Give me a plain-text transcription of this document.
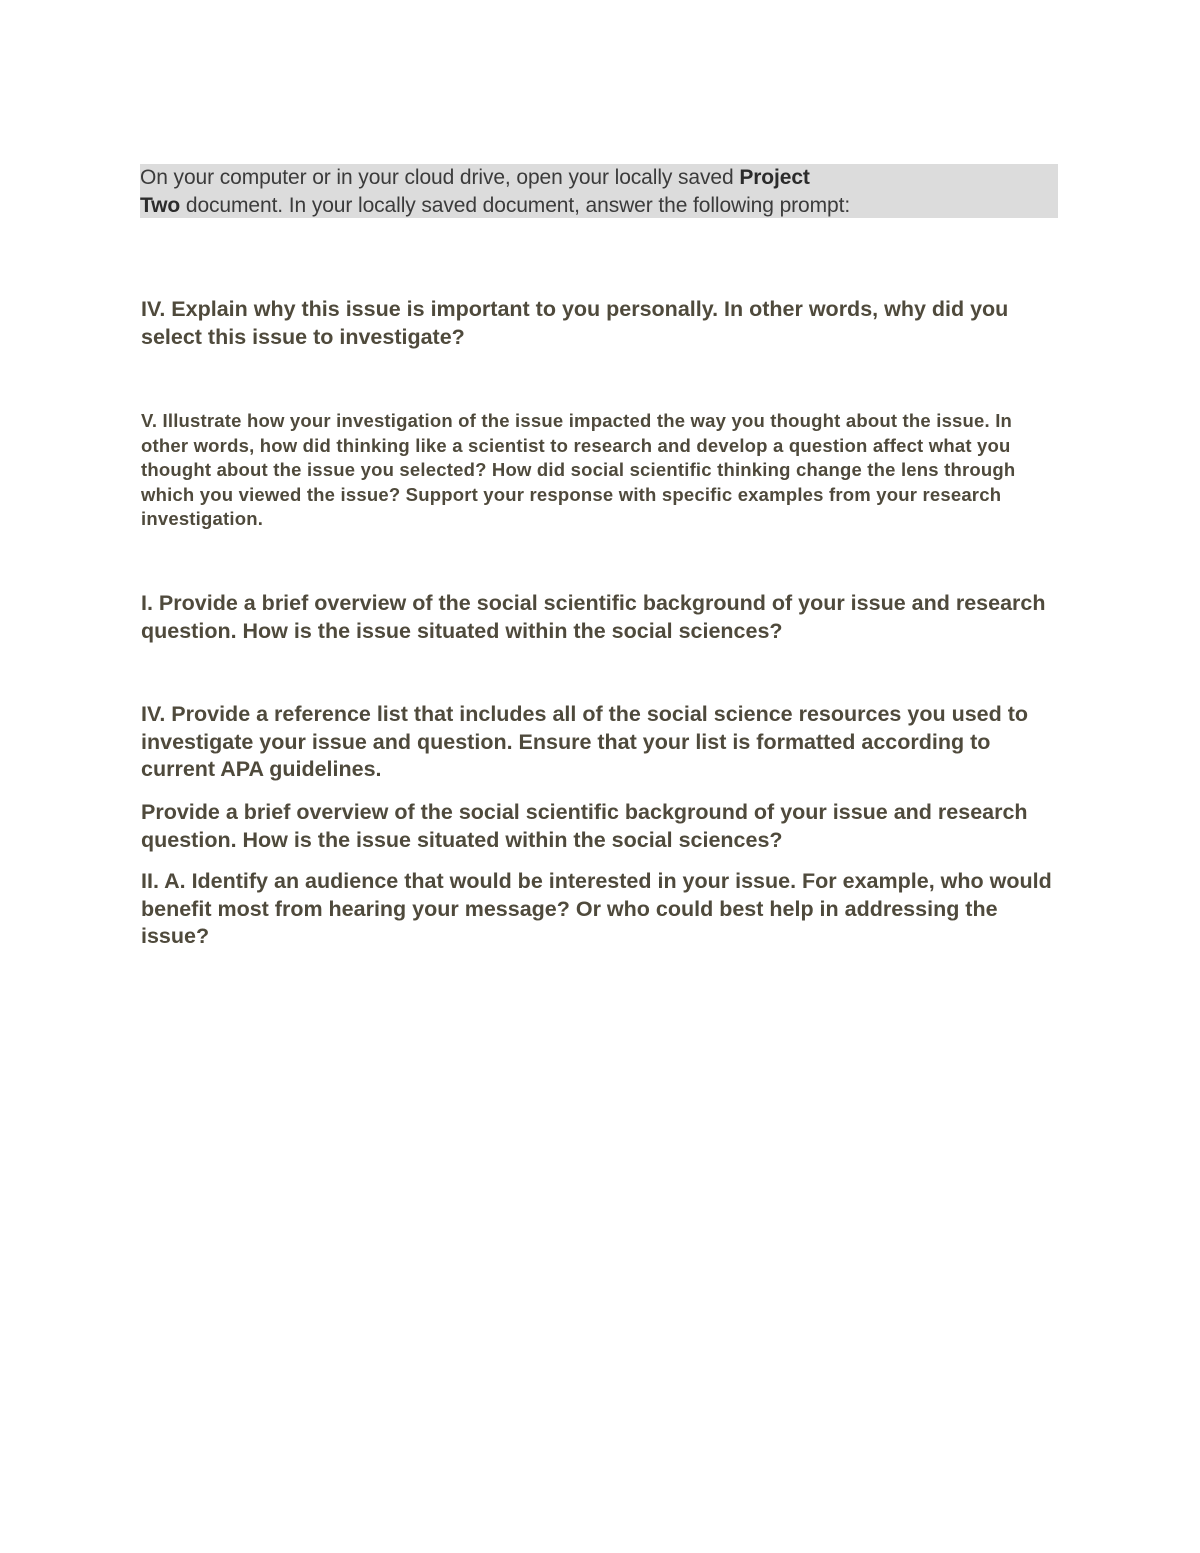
On your computer or in your cloud drive, open your locally saved Project
Two document. In your locally saved document, answer the following prompt:

IV. Explain why this issue is important to you personally. In other words, why did you select this issue to investigate?

V. Illustrate how your investigation of the issue impacted the way you thought about the issue. In other words, how did thinking like a scientist to research and develop a question affect what you thought about the issue you selected? How did social scientific thinking change the lens through which you viewed the issue? Support your response with specific examples from your research investigation.

I. Provide a brief overview of the social scientific background of your issue and research question. How is the issue situated within the social sciences?

IV. Provide a reference list that includes all of the social science resources you used to investigate your issue and question. Ensure that your list is formatted according to current APA guidelines.

Provide a brief overview of the social scientific background of your issue and research question. How is the issue situated within the social sciences?

II. A. Identify an audience that would be interested in your issue. For example, who would benefit most from hearing your message? Or who could best help in addressing the issue?
